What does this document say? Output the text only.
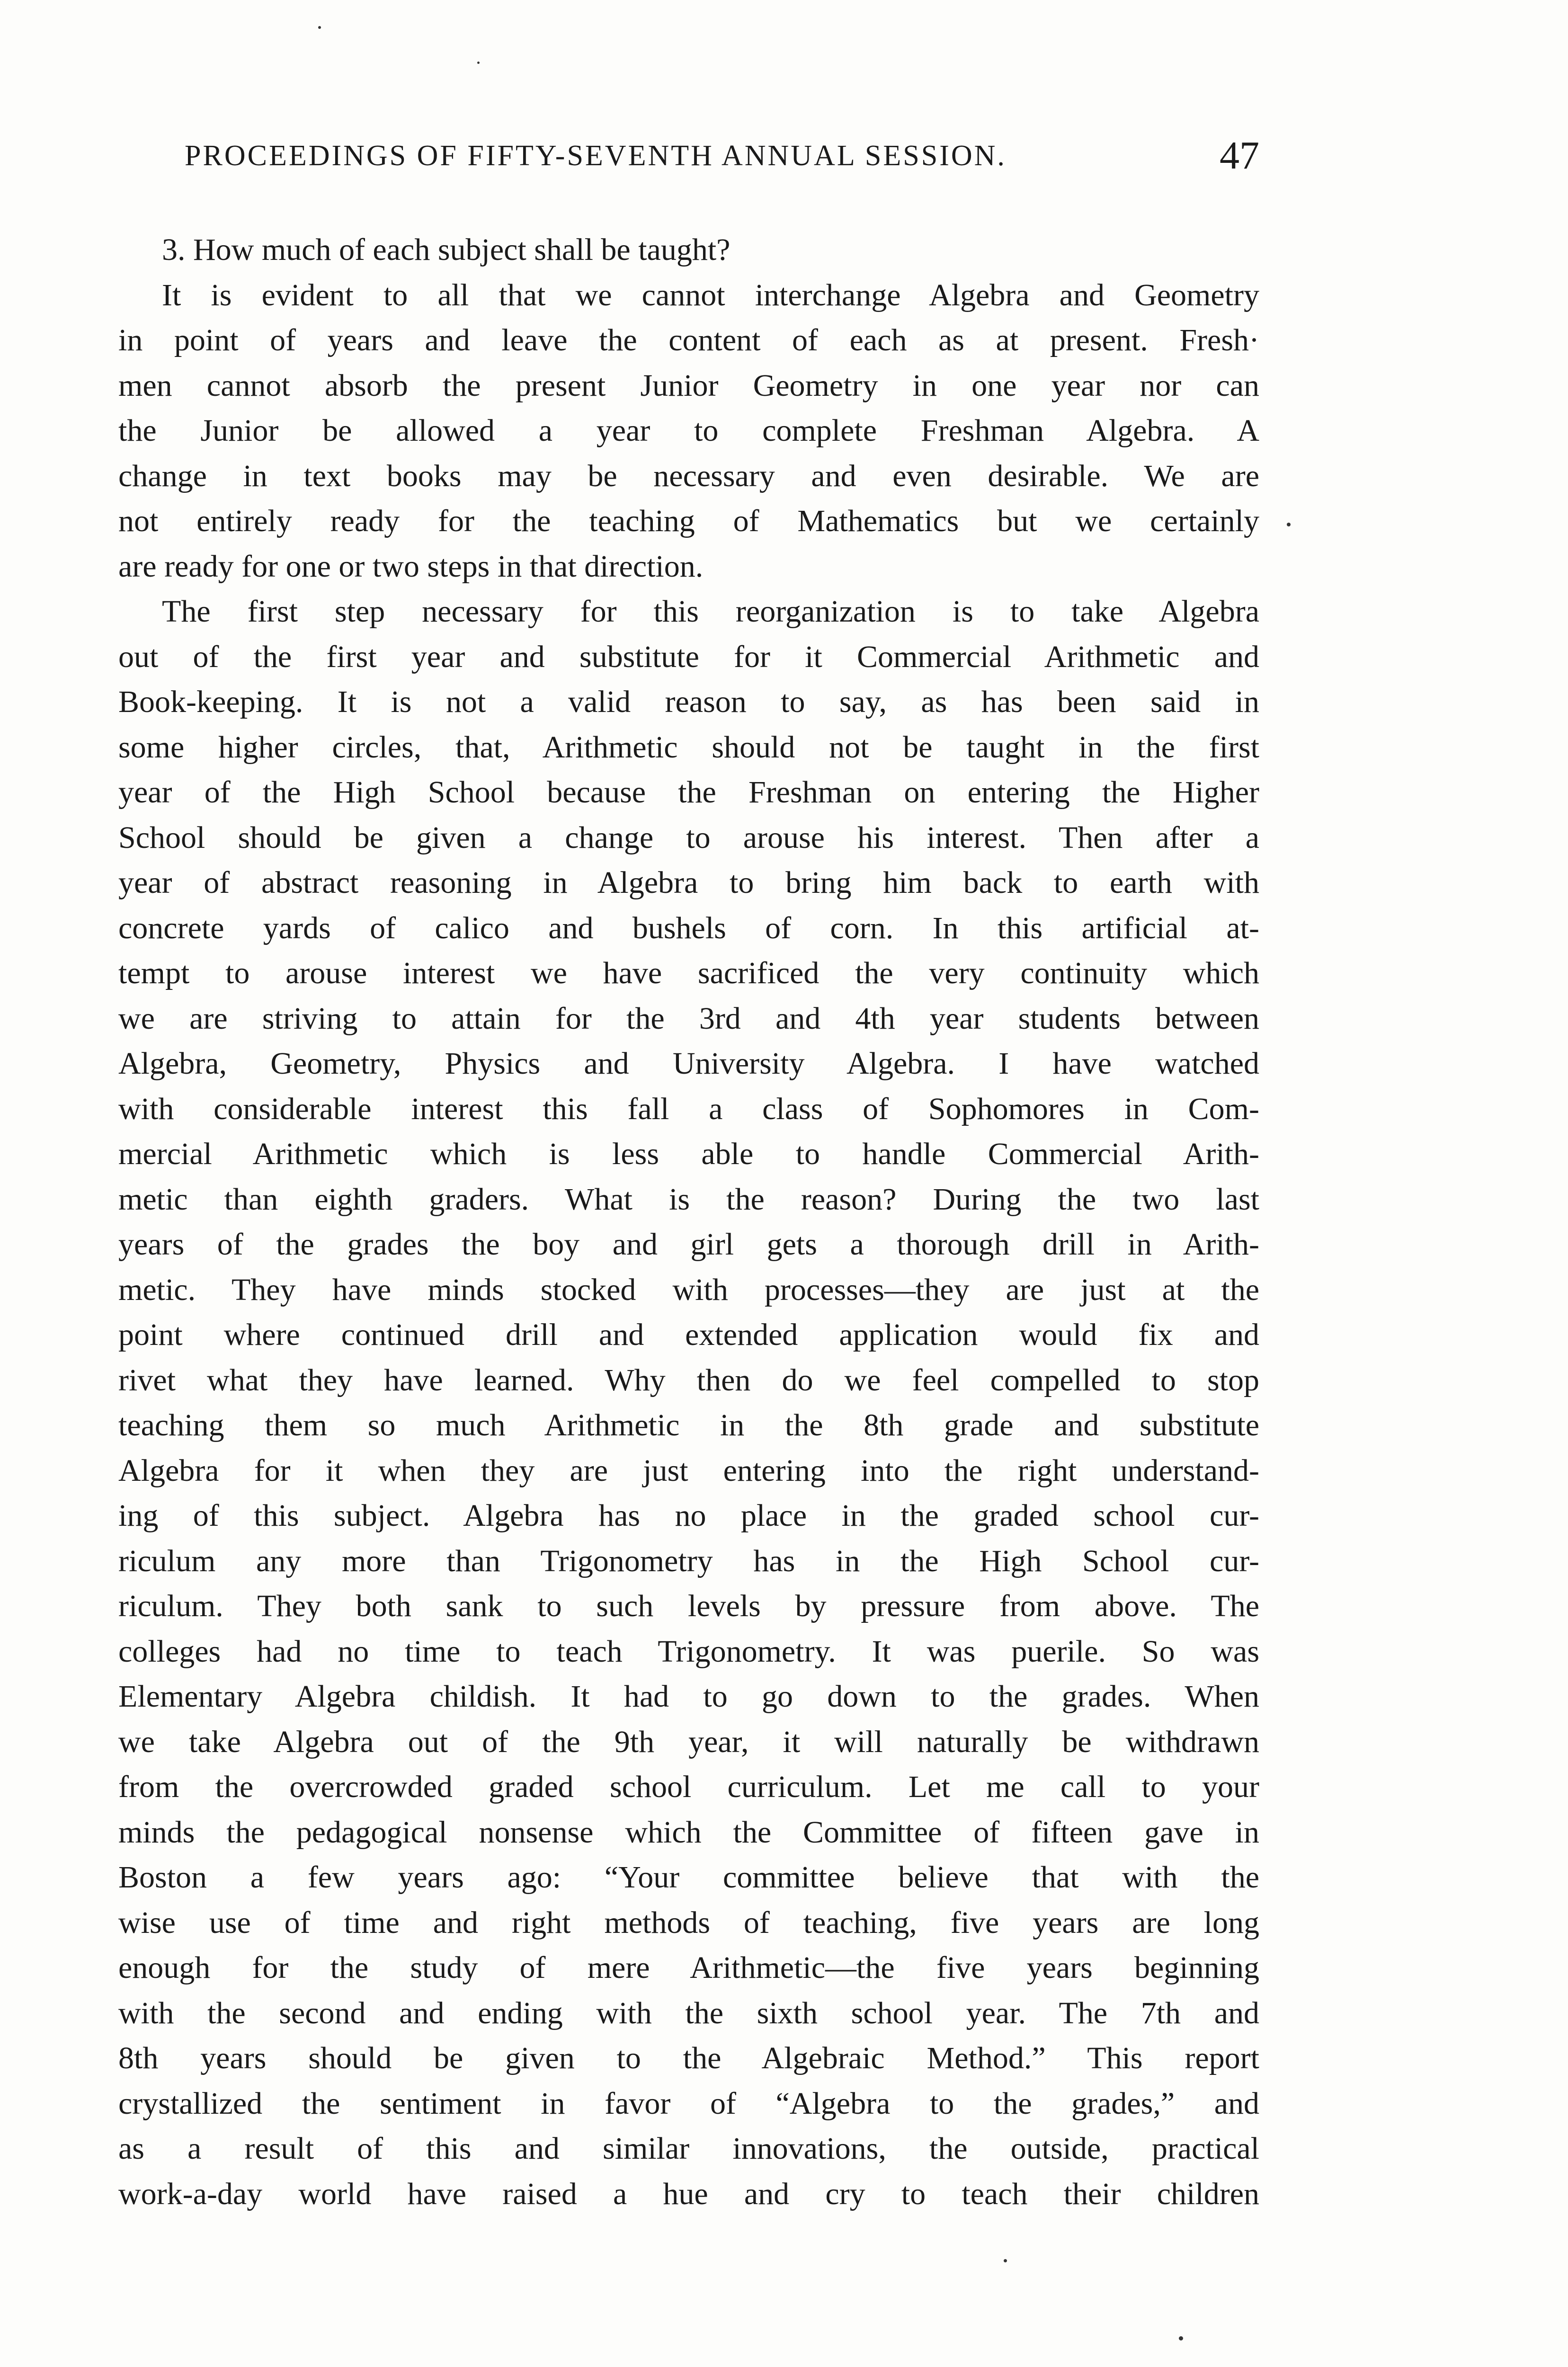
PROCEEDINGS OF FIFTY-SEVENTH ANNUAL SESSION.	47
3. How much of each subject shall be taught?
It is evident to all that we cannot interchange Algebra and Geometry
in point of years and leave the content of each as at present. Fresh·
men cannot absorb the present Junior Geometry in one year nor can
the Junior be allowed a year to complete Freshman Algebra. A
change in text books may be necessary and even desirable. We are
not entirely ready for the teaching of Mathematics but we certainly
are ready for one or two steps in that direction.
The first step necessary for this reorganization is to take Algebra
out of the first year and substitute for it Commercial Arithmetic and
Book-keeping. It is not a valid reason to say, as has been said in
some higher circles, that, Arithmetic should not be taught in the first
year of the High School because the Freshman on entering the Higher
School should be given a change to arouse his interest. Then after a
year of abstract reasoning in Algebra to bring him back to earth with
concrete yards of calico and bushels of corn. In this artificial at-
tempt to arouse interest we have sacrificed the very continuity which
we are striving to attain for the 3rd and 4th year students between
Algebra, Geometry, Physics and University Algebra. I have watched
with considerable interest this fall a class of Sophomores in Com-
mercial Arithmetic which is less able to handle Commercial Arith-
metic than eighth graders. What is the reason? During the two last
years of the grades the boy and girl gets a thorough drill in Arith-
metic. They have minds stocked with processes—they are just at the
point where continued drill and extended application would fix and
rivet what they have learned. Why then do we feel compelled to stop
teaching them so much Arithmetic in the 8th grade and substitute
Algebra for it when they are just entering into the right understand-
ing of this subject. Algebra has no place in the graded school cur-
riculum any more than Trigonometry has in the High School cur-
riculum. They both sank to such levels by pressure from above. The
colleges had no time to teach Trigonometry. It was puerile. So was
Elementary Algebra childish. It had to go down to the grades. When
we take Algebra out of the 9th year, it will naturally be withdrawn
from the overcrowded graded school curriculum. Let me call to your
minds the pedagogical nonsense which the Committee of fifteen gave in
Boston a few years ago: “Your committee believe that with the
wise use of time and right methods of teaching, five years are long
enough for the study of mere Arithmetic—the five years beginning
with the second and ending with the sixth school year. The 7th and
8th years should be given to the Algebraic Method.” This report
crystallized the sentiment in favor of “Algebra to the grades,” and
as a result of this and similar innovations, the outside, practical
work-a-day world have raised a hue and cry to teach their children
